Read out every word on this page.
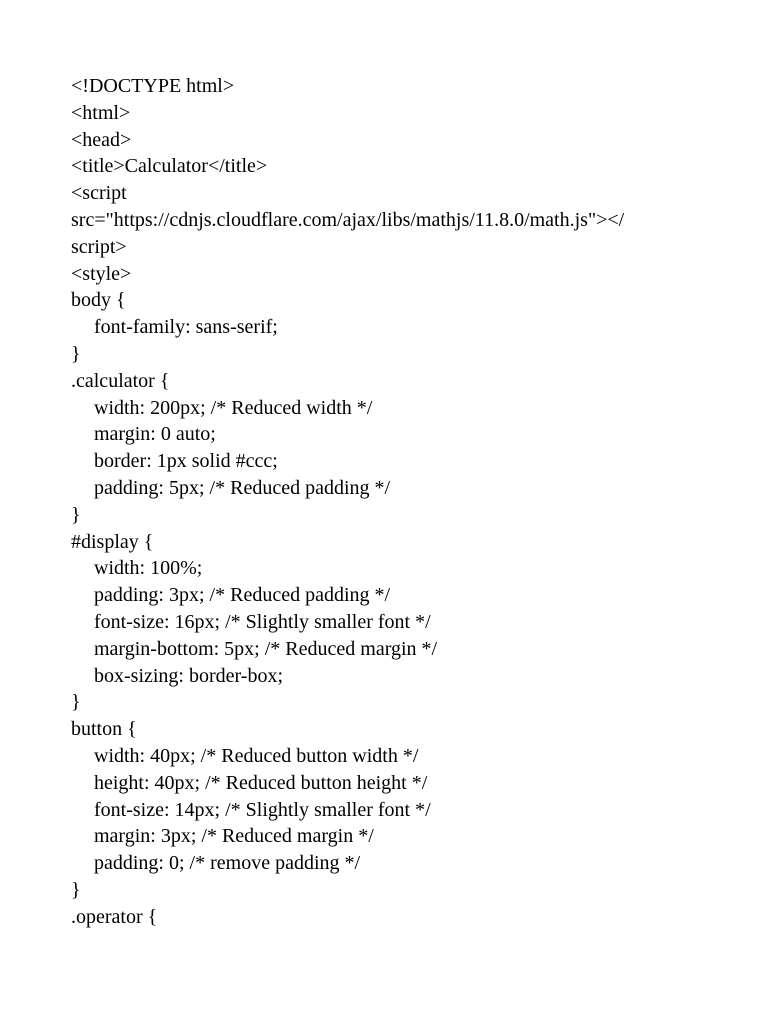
<!DOCTYPE html>
<html>
<head>
<title>Calculator</title>
<script
src="https://cdnjs.cloudflare.com/ajax/libs/mathjs/11.8.0/math.js"></
script>
<style>
body {
font-family: sans-serif;
}
.calculator {
width: 200px; /* Reduced width */
margin: 0 auto;
border: 1px solid #ccc;
padding: 5px; /* Reduced padding */
}
#display {
width: 100%;
padding: 3px; /* Reduced padding */
font-size: 16px; /* Slightly smaller font */
margin-bottom: 5px; /* Reduced margin */
box-sizing: border-box;
}
button {
width: 40px; /* Reduced button width */
height: 40px; /* Reduced button height */
font-size: 14px; /* Slightly smaller font */
margin: 3px; /* Reduced margin */
padding: 0; /* remove padding */
}
.operator {
